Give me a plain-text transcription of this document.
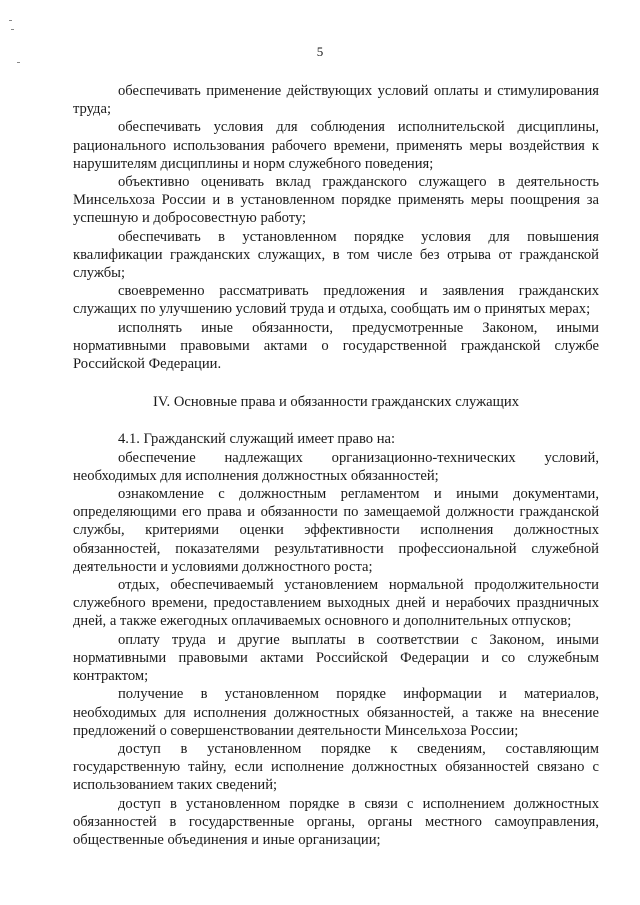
5

обеспечивать применение действующих условий оплаты и стимулирования труда;

обеспечивать условия для соблюдения исполнительской дисциплины, рационального использования рабочего времени, применять меры воздействия к нарушителям дисциплины и норм служебного поведения;

объективно оценивать вклад гражданского служащего в деятельность Минсельхоза России и в установленном порядке применять меры поощрения за успешную и добросовестную работу;

обеспечивать в установленном порядке условия для повышения квалификации гражданских служащих, в том числе без отрыва от гражданской службы;

своевременно рассматривать предложения и заявления гражданских служащих по улучшению условий труда и отдыха, сообщать им о принятых мерах;

исполнять иные обязанности, предусмотренные Законом, иными нормативными правовыми актами о государственной гражданской службе Российской Федерации.

IV. Основные права и обязанности гражданских служащих

4.1. Гражданский служащий имеет право на:

обеспечение надлежащих организационно-технических условий, необходимых для исполнения должностных обязанностей;

ознакомление с должностным регламентом и иными документами, определяющими его права и обязанности по замещаемой должности гражданской службы, критериями оценки эффективности исполнения должностных обязанностей, показателями результативности профессиональной служебной деятельности и условиями должностного роста;

отдых, обеспечиваемый установлением нормальной продолжительности служебного времени, предоставлением выходных дней и нерабочих праздничных дней, а также ежегодных оплачиваемых основного и дополнительных отпусков;

оплату труда и другие выплаты в соответствии с Законом, иными нормативными правовыми актами Российской Федерации и со служебным контрактом;

получение в установленном порядке информации и материалов, необходимых для исполнения должностных обязанностей, а также на внесение предложений о совершенствовании деятельности Минсельхоза России;

доступ в установленном порядке к сведениям, составляющим государственную тайну, если исполнение должностных обязанностей связано с использованием таких сведений;

доступ в установленном порядке в связи с исполнением должностных обязанностей в государственные органы, органы местного самоуправления, общественные объединения и иные организации;
